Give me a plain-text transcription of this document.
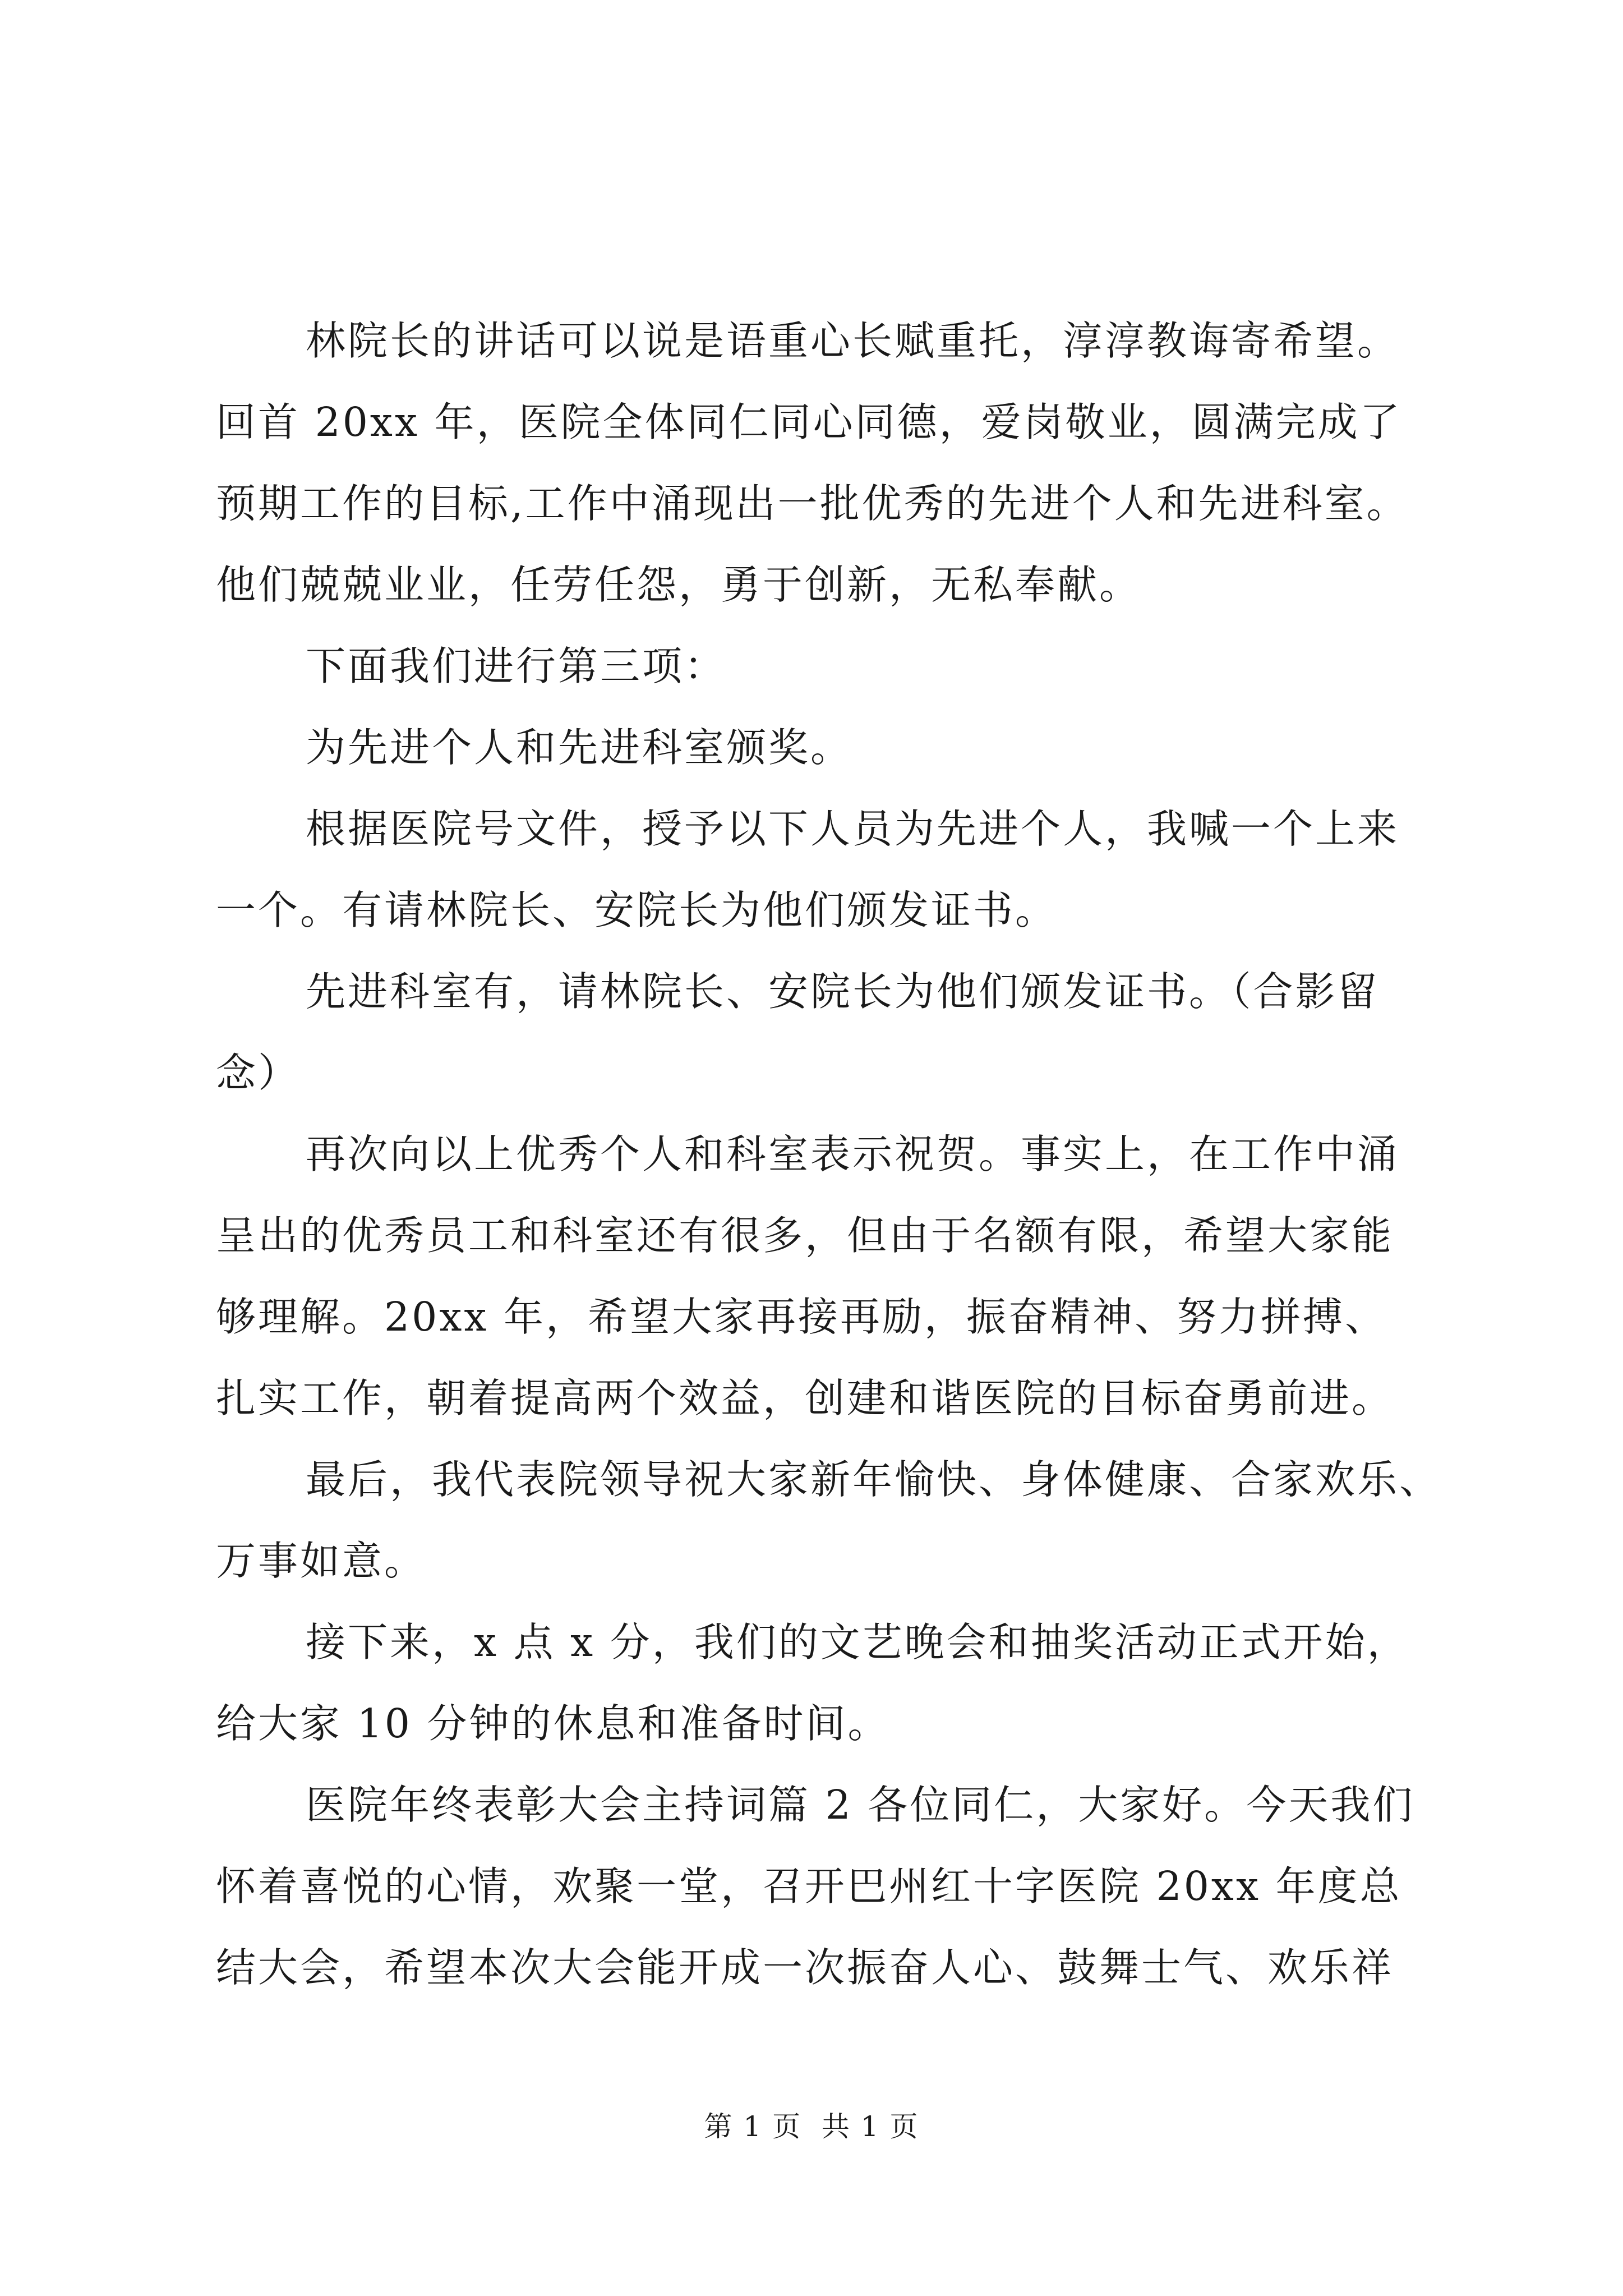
林院长的讲话可以说是语重心长赋重托，淳淳教诲寄希望。
回首 20xx 年，医院全体同仁同心同德，爱岗敬业，圆满完成了
预期工作的目标,工作中涌现出一批优秀的先进个人和先进科室。
他们兢兢业业，任劳任怨，勇于创新，无私奉献。
下面我们进行第三项：
为先进个人和先进科室颁奖。
根据医院号文件，授予以下人员为先进个人，我喊一个上来
一个。有请林院长、安院长为他们颁发证书。
先进科室有，请林院长、安院长为他们颁发证书。（合影留
念）
再次向以上优秀个人和科室表示祝贺。事实上，在工作中涌
呈出的优秀员工和科室还有很多，但由于名额有限，希望大家能
够理解。20xx 年，希望大家再接再励，振奋精神、努力拼搏、
扎实工作，朝着提高两个效益，创建和谐医院的目标奋勇前进。
最后，我代表院领导祝大家新年愉快、身体健康、合家欢乐、
万事如意。
接下来，x 点 x 分，我们的文艺晚会和抽奖活动正式开始，
给大家 10 分钟的休息和准备时间。
医院年终表彰大会主持词篇 2 各位同仁，大家好。今天我们
怀着喜悦的心情，欢聚一堂，召开巴州红十字医院 20xx 年度总
结大会，希望本次大会能开成一次振奋人心、鼓舞士气、欢乐祥
第 1 页  共 1 页
